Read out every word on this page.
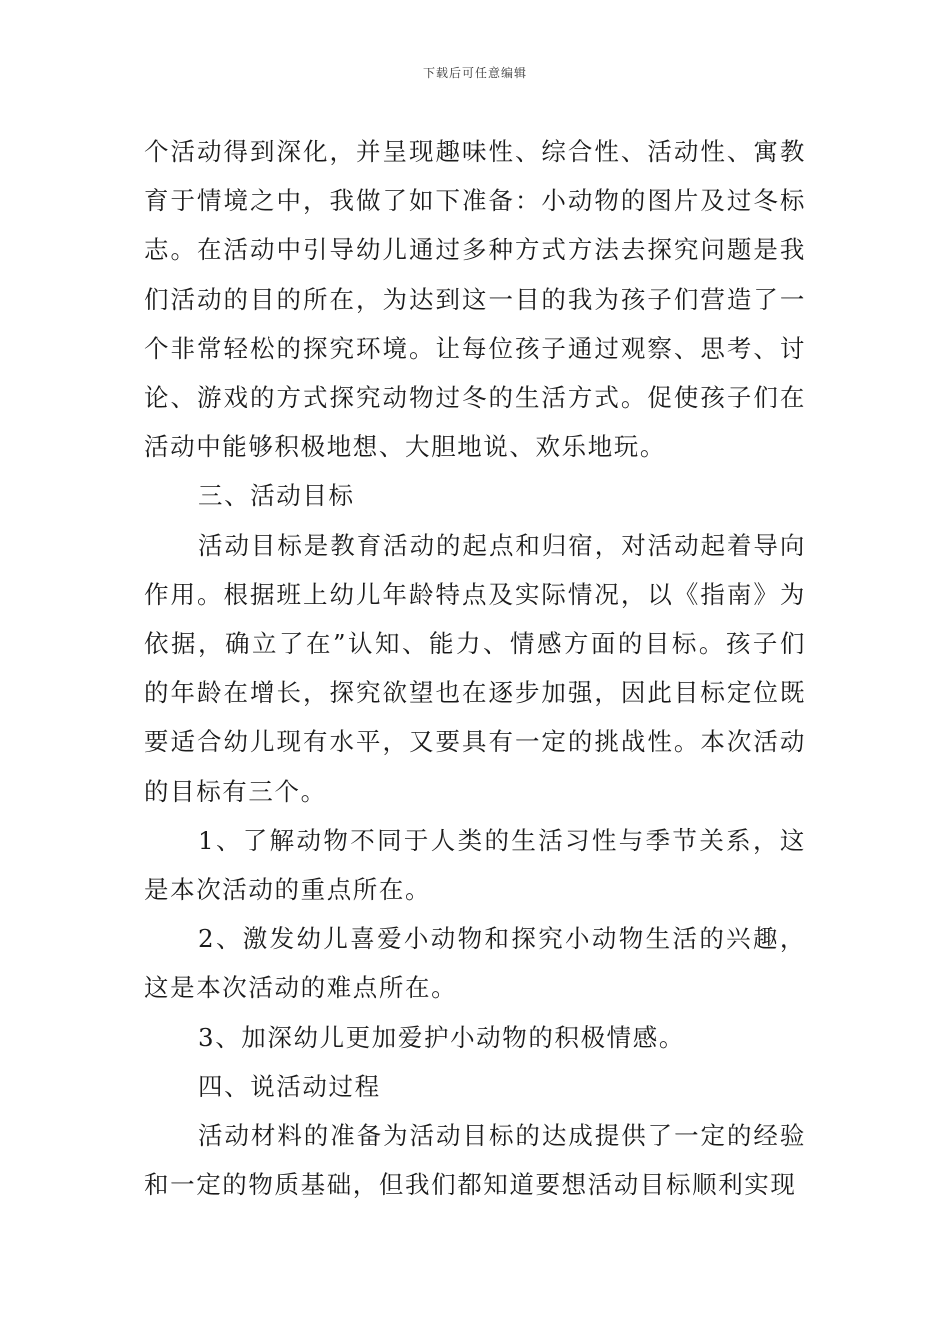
下载后可任意编辑

个活动得到深化，并呈现趣味性、综合性、活动性、寓教育于情境之中，我做了如下准备：小动物的图片及过冬标志。在活动中引导幼儿通过多种方式方法去探究问题是我们活动的目的所在，为达到这一目的我为孩子们营造了一个非常轻松的探究环境。让每位孩子通过观察、思考、讨论、游戏的方式探究动物过冬的生活方式。促使孩子们在活动中能够积极地想、大胆地说、欢乐地玩。

三、活动目标

活动目标是教育活动的起点和归宿，对活动起着导向作用。根据班上幼儿年龄特点及实际情况，以《指南》为依据，确立了在”认知、能力、情感方面的目标。孩子们的年龄在增长，探究欲望也在逐步加强，因此目标定位既要适合幼儿现有水平，又要具有一定的挑战性。本次活动的目标有三个。

1、了解动物不同于人类的生活习性与季节关系，这是本次活动的重点所在。

2、激发幼儿喜爱小动物和探究小动物生活的兴趣，这是本次活动的难点所在。

3、加深幼儿更加爱护小动物的积极情感。

四、说活动过程

活动材料的准备为活动目标的达成提供了一定的经验和一定的物质基础，但我们都知道要想活动目标顺利实现
